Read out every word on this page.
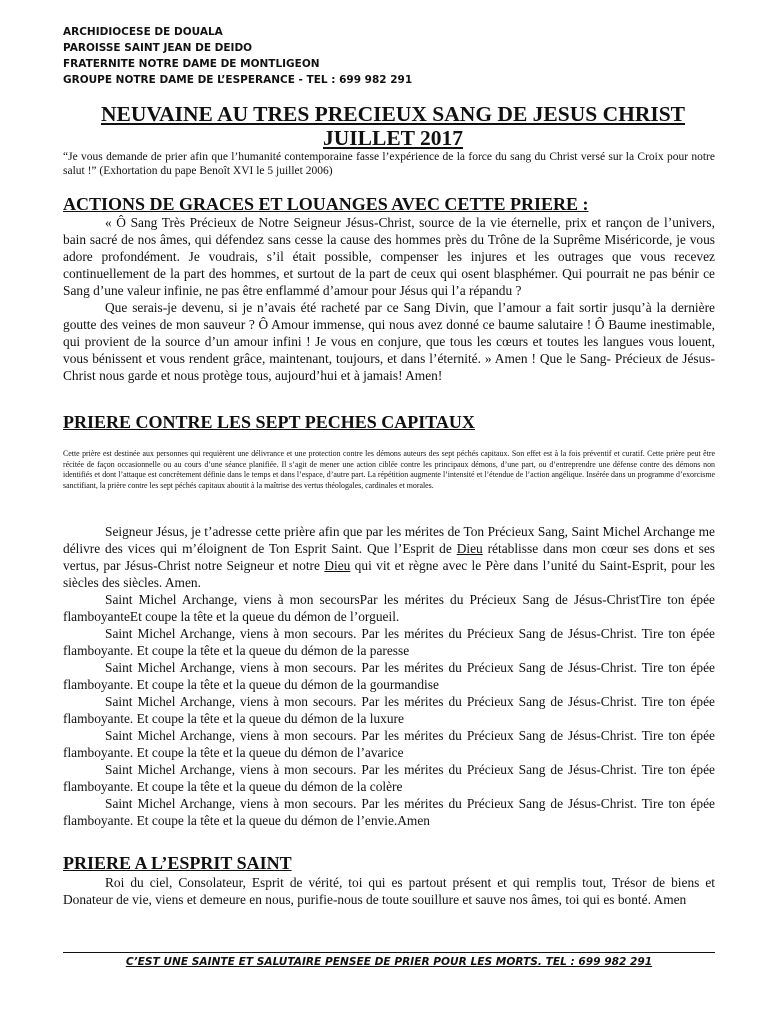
ARCHIDIOCESE DE DOUALA
PAROISSE SAINT JEAN DE DEIDO
FRATERNITE NOTRE DAME DE MONTLIGEON
GROUPE NOTRE DAME DE L’ESPERANCE - TEL : 699 982 291
NEUVAINE AU TRES PRECIEUX SANG DE JESUS CHRIST
JUILLET 2017
“Je vous demande de prier afin que l’humanité contemporaine fasse l’expérience de la force du sang du Christ versé sur la Croix pour notre salut !” (Exhortation du pape Benoît XVI le 5 juillet 2006)
ACTIONS DE GRACES ET LOUANGES AVEC CETTE PRIERE :

« Ô Sang Très Précieux de Notre Seigneur Jésus-Christ, source de la vie éternelle, prix et rançon de l’univers, bain sacré de nos âmes, qui défendez sans cesse la cause des hommes près du Trône de la Suprême Miséricorde, je vous adore profondément. Je voudrais, s’il était possible, compenser les injures et les outrages que vous recevez continuellement de la part des hommes, et surtout de la part de ceux qui osent blasphémer. Qui pourrait ne pas bénir ce Sang d’une valeur infinie, ne pas être enflammé d’amour pour Jésus qui l’a répandu ?

Que serais-je devenu, si je n’avais été racheté par ce Sang Divin, que l’amour a fait sortir jusqu’à la dernière goutte des veines de mon sauveur ? Ô Amour immense, qui nous avez donné ce baume salutaire ! Ô Baume inestimable, qui provient de la source d’un amour infini ! Je vous en conjure, que tous les cœurs et toutes les langues vous louent, vous bénissent et vous rendent grâce, maintenant, toujours, et dans l’éternité. » Amen ! Que le Sang- Précieux de Jésus- Christ nous garde et nous protège tous, aujourd’hui et à jamais! Amen!

PRIERE CONTRE LES SEPT PECHES CAPITAUX

Cette prière est destinée aux personnes qui requièrent une délivrance et une protection contre les démons auteurs des sept péchés capitaux. Son effet est à la fois préventif et curatif. Cette prière peut être récitée de façon occasionnelle ou au cours d’une séance planifiée. Il s’agit de mener une action ciblée contre les principaux démons, d’une part, ou d’entreprendre une défense contre des démons non identifiés et dont l’attaque est concrètement définie dans le temps et dans l’espace, d’autre part. La répétition augmente l’intensité et l’étendue de l’action angélique. Insérée dans un programme d’exorcisme sanctifiant, la prière contre les sept péchés capitaux aboutit à la maîtrise des vertus théologales, cardinales et morales.

Seigneur Jésus, je t’adresse cette prière afin que par les mérites de Ton Précieux Sang, Saint Michel Archange me délivre des vices qui m’éloignent de Ton Esprit Saint. Que l’Esprit de Dieu rétablisse dans mon cœur ses dons et ses vertus, par Jésus-Christ notre Seigneur et notre Dieu qui vit et règne avec le Père dans l’unité du Saint-Esprit, pour les siècles des siècles. Amen.

Saint Michel Archange, viens à mon secoursPar les mérites du Précieux Sang de Jésus-ChristTire ton épée flamboyanteEt coupe la tête et la queue du démon de l’orgueil.

Saint Michel Archange, viens à mon secours. Par les mérites du Précieux Sang de Jésus-Christ. Tire ton épée flamboyante. Et coupe la tête et la queue du démon de la paresse

Saint Michel Archange, viens à mon secours. Par les mérites du Précieux Sang de Jésus-Christ. Tire ton épée flamboyante. Et coupe la tête et la queue du démon de la gourmandise

Saint Michel Archange, viens à mon secours. Par les mérites du Précieux Sang de Jésus-Christ. Tire ton épée flamboyante. Et coupe la tête et la queue du démon de la luxure

Saint Michel Archange, viens à mon secours. Par les mérites du Précieux Sang de Jésus-Christ. Tire ton épée flamboyante. Et coupe la tête et la queue du démon de l’avarice

Saint Michel Archange, viens à mon secours. Par les mérites du Précieux Sang de Jésus-Christ. Tire ton épée flamboyante. Et coupe la tête et la queue du démon de la colère

Saint Michel Archange, viens à mon secours. Par les mérites du Précieux Sang de Jésus-Christ. Tire ton épée flamboyante. Et coupe la tête et la queue du démon de l’envie.Amen

PRIERE A L’ESPRIT SAINT

Roi du ciel, Consolateur, Esprit de vérité, toi qui es partout présent et qui remplis tout, Trésor de biens et Donateur de vie, viens et demeure en nous, purifie-nous de toute souillure et sauve nos âmes, toi qui es bonté. Amen

C’EST UNE SAINTE ET SALUTAIRE PENSEE DE PRIER POUR LES MORTS. TEL : 699 982 291
